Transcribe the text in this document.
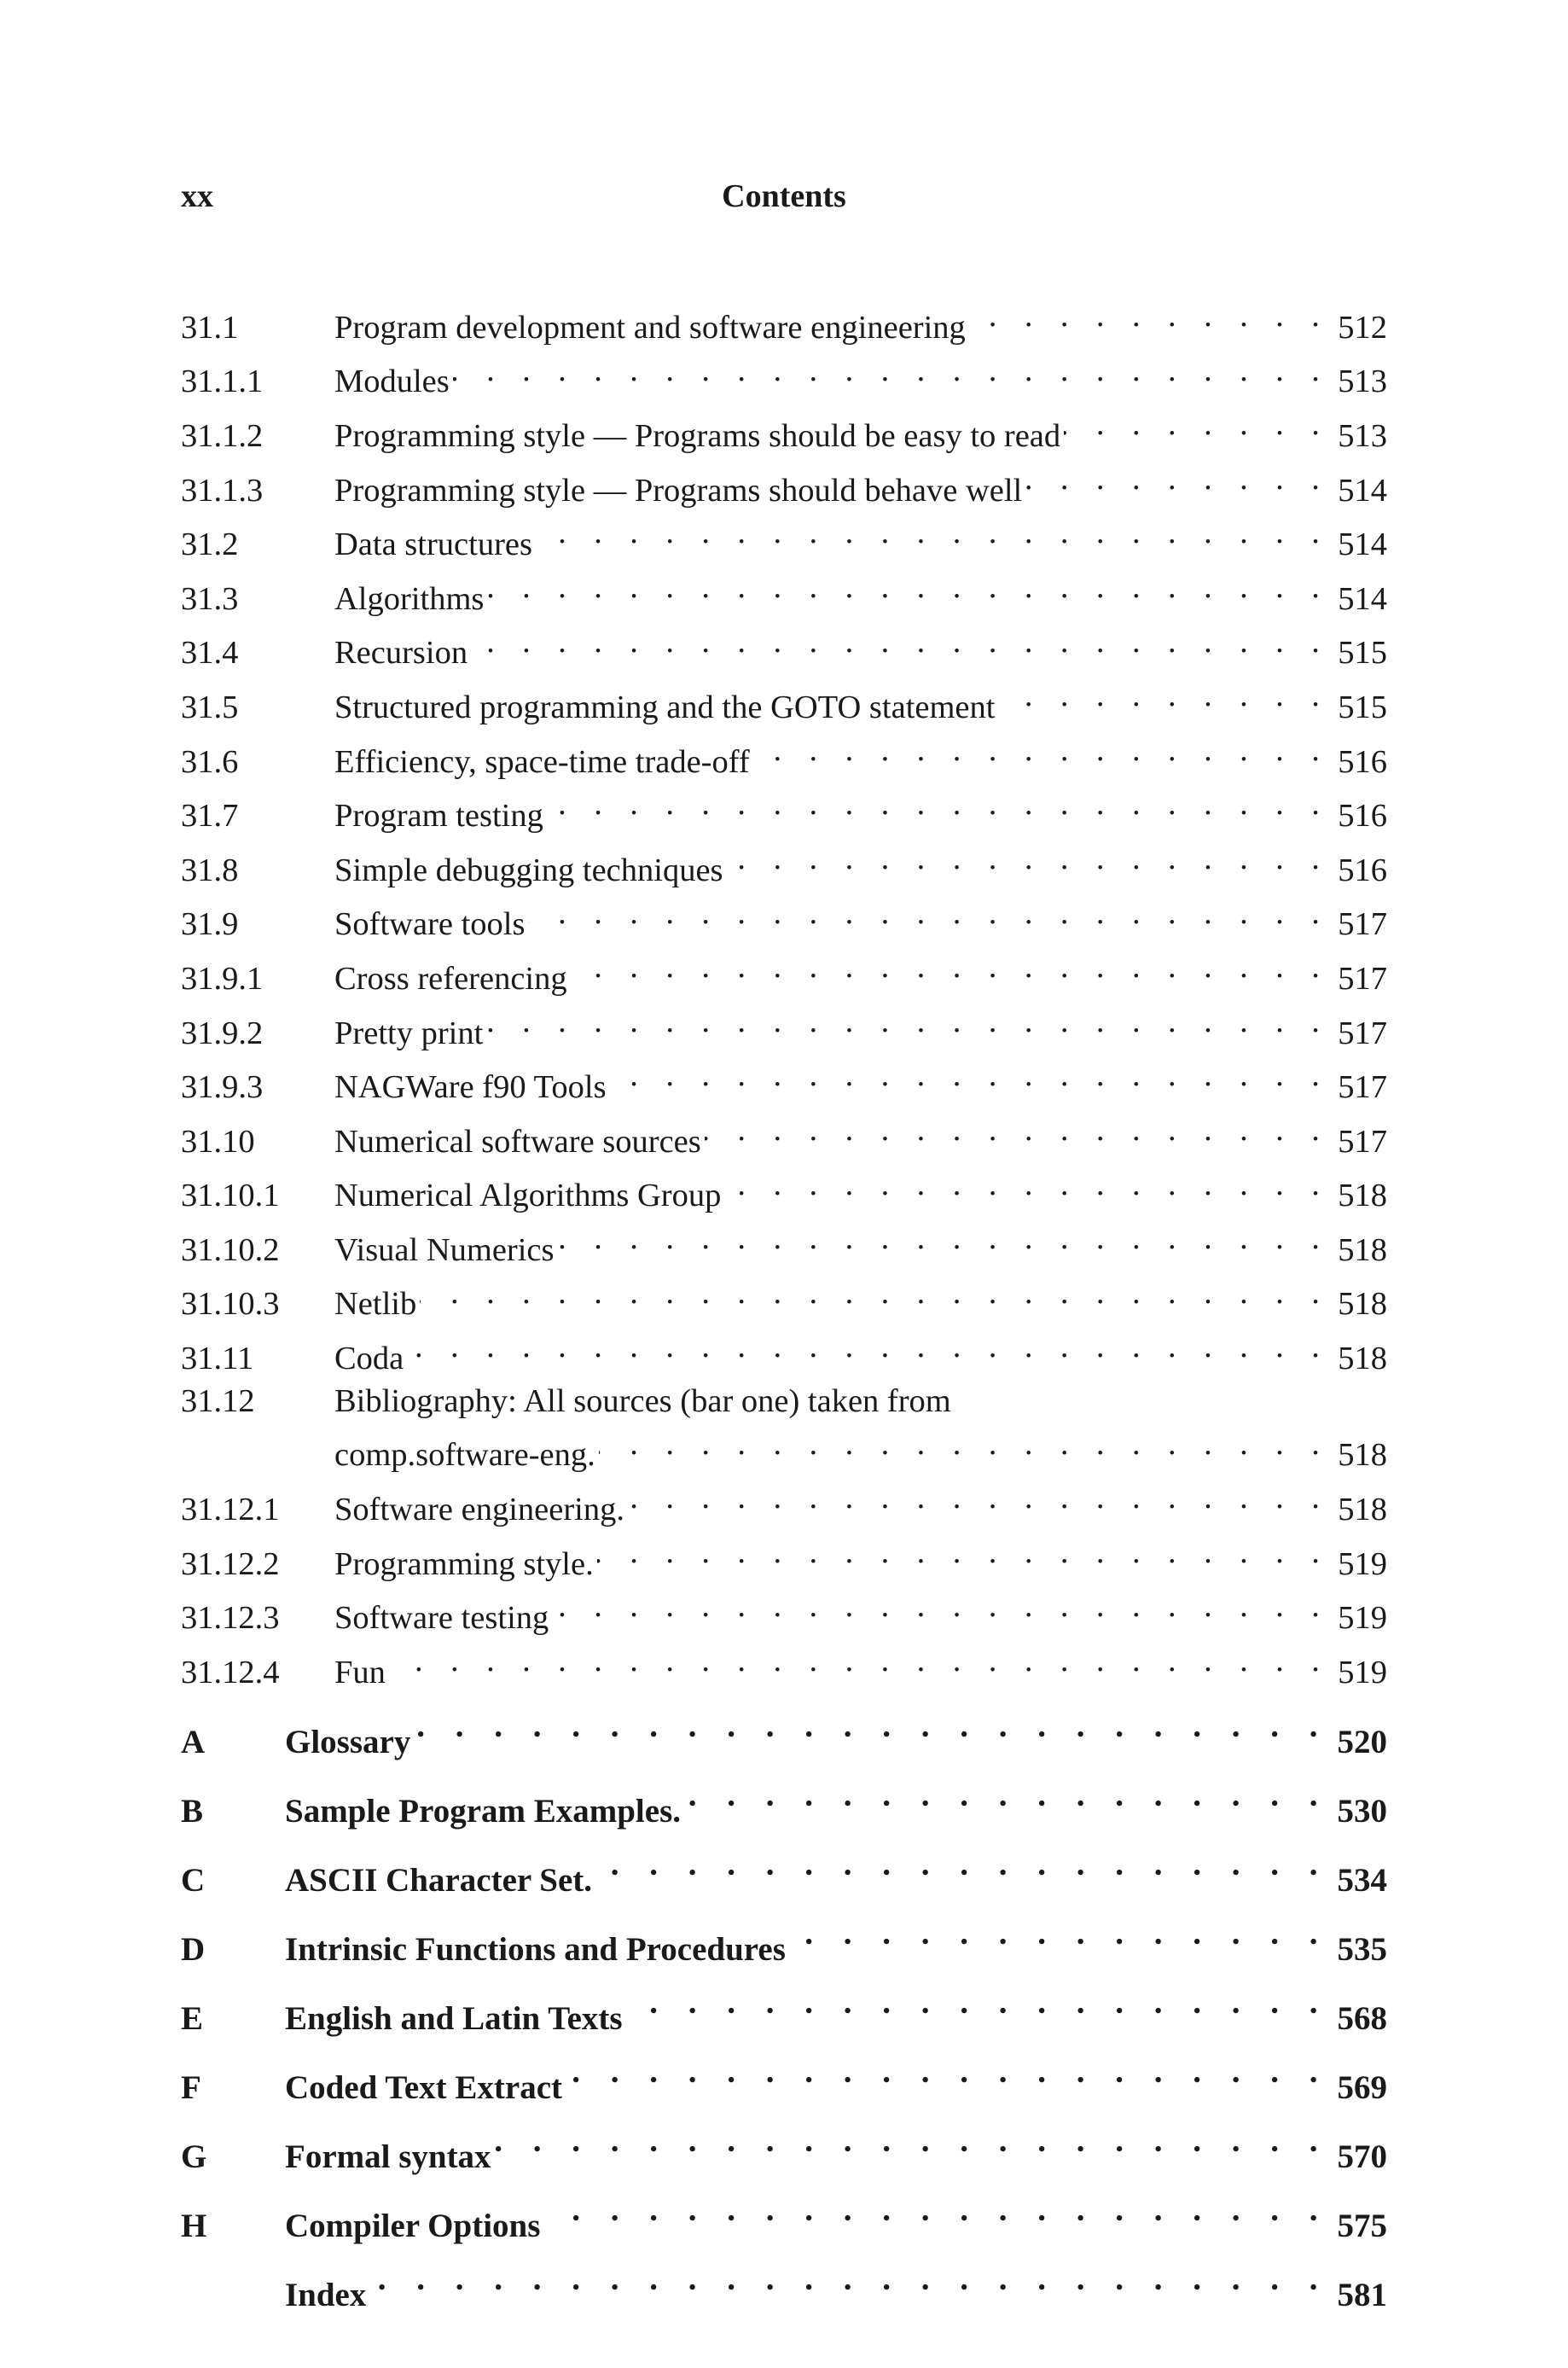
xx	Contents
31.1	Program development and software engineering . . .	512
31.1.1	Modules . . .	513
31.1.2	Programming style — Programs should be easy to read . . .	513
31.1.3	Programming style — Programs should behave well . . .	514
31.2	Data structures . . .	514
31.3	Algorithms . . .	514
31.4	Recursion . . .	515
31.5	Structured programming and the GOTO statement . . .	515
31.6	Efficiency, space-time trade-off . . .	516
31.7	Program testing . . .	516
31.8	Simple debugging techniques . . .	516
31.9	Software tools . . .	517
31.9.1	Cross referencing . . .	517
31.9.2	Pretty print . . .	517
31.9.3	NAGWare f90 Tools . . .	517
31.10	Numerical software sources . . .	517
31.10.1	Numerical Algorithms Group . . .	518
31.10.2	Visual Numerics . . .	518
31.10.3	Netlib . . .	518
31.11	Coda . . .	518
31.12	Bibliography: All sources (bar one) taken from
comp.software-eng. . . .	518
31.12.1	Software engineering. . . .	518
31.12.2	Programming style. . . .	519
31.12.3	Software testing . . .	519
31.12.4	Fun . . .	519
A	Glossary . . .	520
B	Sample Program Examples. . . .	530
C	ASCII Character Set. . . .	534
D	Intrinsic Functions and Procedures . . .	535
E	English and Latin Texts . . .	568
F	Coded Text Extract . . .	569
G	Formal syntax . . .	570
H	Compiler Options . . .	575
Index . . .	581
